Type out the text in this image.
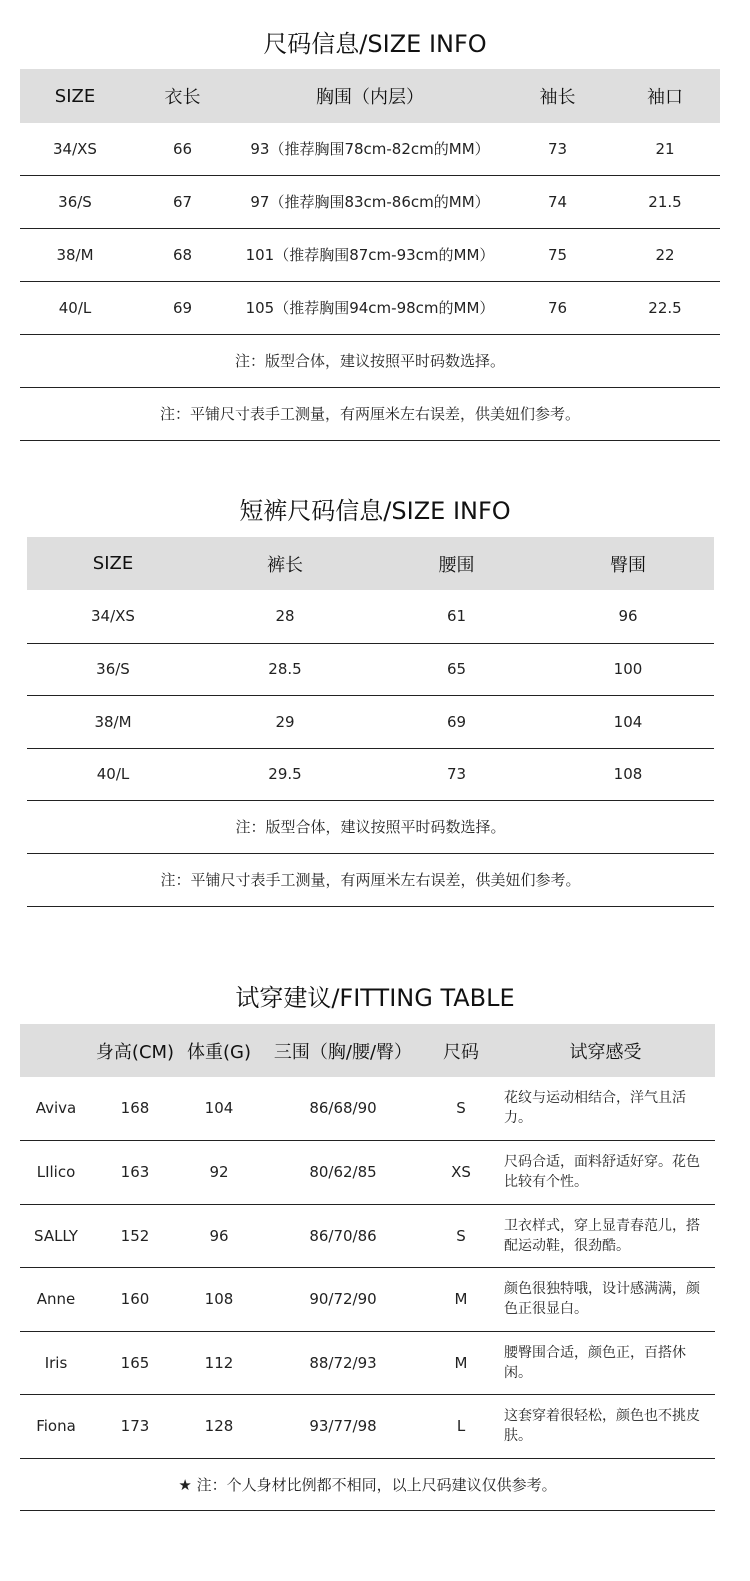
尺码信息/SIZE INFO
SIZE	衣长	胸围（内层）	袖长	袖口
34/XS	66	93（推荐胸围78cm-82cm的MM）	73	21
36/S	67	97（推荐胸围83cm-86cm的MM）	74	21.5
38/M	68	101（推荐胸围87cm-93cm的MM）	75	22
40/L	69	105（推荐胸围94cm-98cm的MM）	76	22.5
注：版型合体，建议按照平时码数选择。				
注：平铺尺寸表手工测量，有两厘米左右误差，供美妞们参考。				
短裤尺码信息/SIZE INFO
SIZE	裤长	腰围	臀围
34/XS	28	61	96
36/S	28.5	65	100
38/M	29	69	104
40/L	29.5	73	108
注：版型合体，建议按照平时码数选择。			
注：平铺尺寸表手工测量，有两厘米左右误差，供美妞们参考。			
试穿建议/FITTING TABLE
	身高(CM)	体重(G)	三围（胸/腰/臀）	尺码	试穿感受
Aviva	168	104	86/68/90	S	花纹与运动相结合，洋气且活力。
LIlico	163	92	80/62/85	XS	尺码合适，面料舒适好穿。花色比较有个性。
SALLY	152	96	86/70/86	S	卫衣样式，穿上显青春范儿，搭配运动鞋，很劲酷。
Anne	160	108	90/72/90	M	颜色很独特哦，设计感满满，颜色正很显白。
Iris	165	112	88/72/93	M	腰臀围合适，颜色正，百搭休闲。
Fiona	173	128	93/77/98	L	这套穿着很轻松，颜色也不挑皮肤。
★ 注：个人身材比例都不相同，以上尺码建议仅供参考。					
